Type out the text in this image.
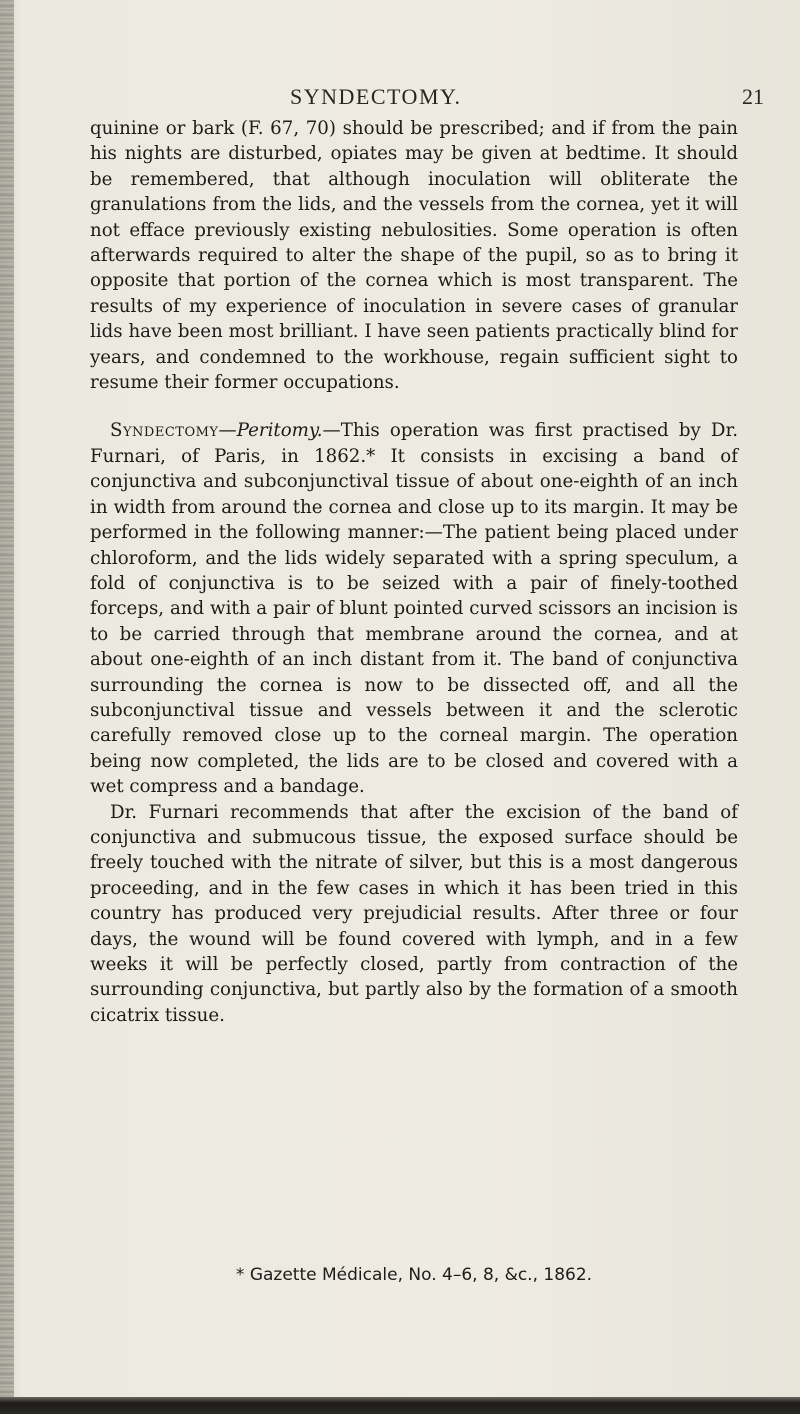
SYNDECTOMY.	21

quinine or bark (F. 67, 70) should be prescribed; and if from the pain his nights are disturbed, opiates may be given at bedtime. It should be remembered, that although inoculation will obliterate the granulations from the lids, and the vessels from the cornea, yet it will not efface previously existing nebulosities. Some operation is often afterwards required to alter the shape of the pupil, so as to bring it opposite that portion of the cornea which is most transparent. The results of my experience of inoculation in severe cases of granular lids have been most brilliant. I have seen patients practically blind for years, and condemned to the workhouse, regain sufficient sight to resume their former occupations.

Syndectomy—Peritomy.—This operation was first practised by Dr. Furnari, of Paris, in 1862.* It consists in excising a band of conjunctiva and subconjunctival tissue of about one-eighth of an inch in width from around the cornea and close up to its margin. It may be performed in the following manner:—The patient being placed under chloroform, and the lids widely separated with a spring speculum, a fold of conjunctiva is to be seized with a pair of finely-toothed forceps, and with a pair of blunt pointed curved scissors an incision is to be carried through that membrane around the cornea, and at about one-eighth of an inch distant from it. The band of conjunctiva surrounding the cornea is now to be dissected off, and all the subconjunctival tissue and vessels between it and the sclerotic carefully removed close up to the corneal margin. The operation being now completed, the lids are to be closed and covered with a wet compress and a bandage.

Dr. Furnari recommends that after the excision of the band of conjunctiva and submucous tissue, the exposed surface should be freely touched with the nitrate of silver, but this is a most dangerous proceeding, and in the few cases in which it has been tried in this country has produced very prejudicial results. After three or four days, the wound will be found covered with lymph, and in a few weeks it will be perfectly closed, partly from contraction of the surrounding conjunctiva, but partly also by the formation of a smooth cicatrix tissue.

* Gazette Médicale, No. 4–6, 8, &c., 1862.
